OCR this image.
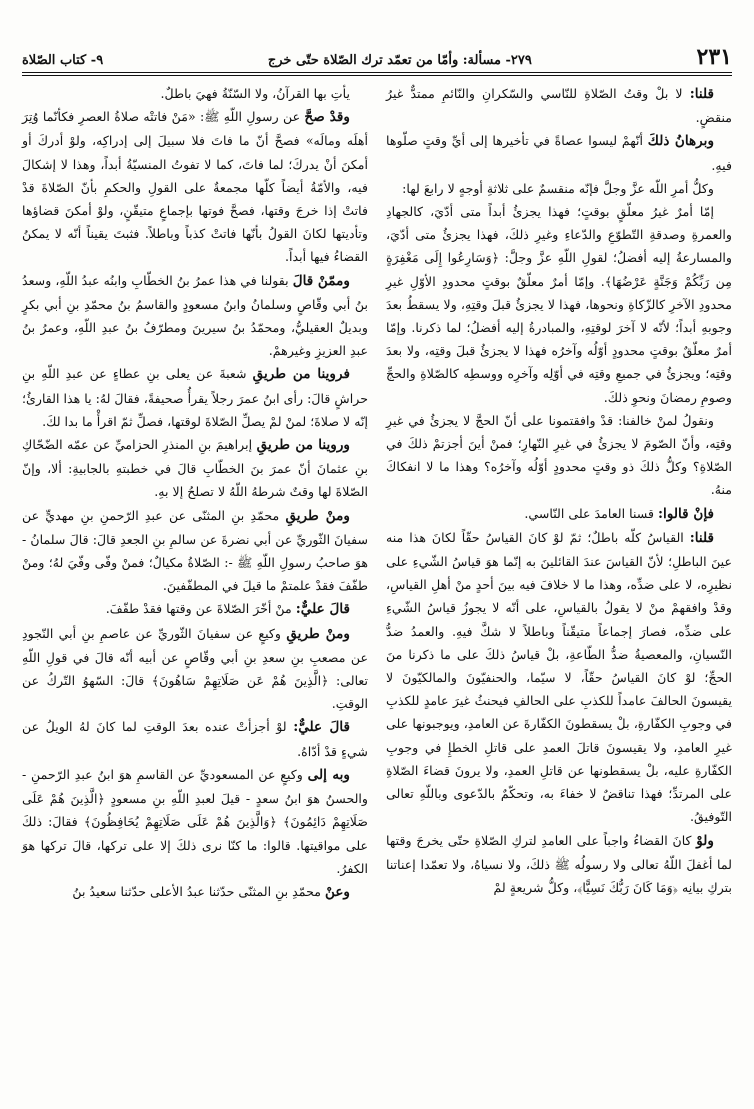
٢٣١
٢٧٩- مسألة: وأمّا من تعمّد ترك الصّلاة حتّى خرج
٩- كتاب الصّلاة

قلنا: لا بلْ وقتُ الصّلاةِ للنّاسي والسّكرانِ والنّائمِ ممتدٌّ غيرُ منقضٍ.

وبرهانُ ذلكَ أنّهمْ ليسوا عصاةً في تأخيرها إلى أيِّ وقتٍ صلّوها فيهِ.

وكلُّ أمرِ اللّه عزَّ وجلَّ فإنّه منقسمٌ على ثلاثةِ أوجهٍ لا رابعَ لها:

إمّا أمرٌ غيرُ معلّقٍ بوقتٍ؛ فهذا يجزئُ أبداً متى أدّيَ، كالجهادِ والعمرةِ وصدقةِ التّطوّعِ والدّعاءِ وغيرِ ذلكَ، فهذا يجزئُ متى أدّيَ، والمسارعةُ إليه أفضلُ؛ لقولِ اللّهِ عزَّ وجلَّ: ﴿وَسَارِعُوا إِلَى مَغْفِرَةٍ مِن رَبِّكُمْ وَجَنَّةٍ عَرْضُهَا﴾. وإمّا أمرٌ معلّقٌ بوقتٍ محدودِ الأوّلِ غيرِ محدودِ الآخرِ كالزّكاةِ ونحوها، فهذا لا يجزئُ قبلَ وقتِهِ، ولا يسقطُ بعدَ وجوبهِ أبداً؛ لأنّه لا آخرَ لوقتِهِ، والمبادرةُ إليه أفضلُ؛ لما ذكرنا. وإمّا أمرٌ معلّقٌ بوقتٍ محدودٍ أوّلُه وآخرُه فهذا لا يجزئُ قبلَ وقتِه، ولا بعدَ وقتِه؛ ويجزئُ في جميعِ وقتِه في أوّلِه وآخرِه ووسطِه كالصّلاةِ والحجِّ وصومِ رمضانَ ونحوِ ذلكَ.

ونقولُ لمنْ خالفنا: قدْ وافقتمونا على أنّ الحجَّ لا يجزئُ في غيرِ وقتِه، وأنّ الصّومَ لا يجزئُ في غيرِ النّهارِ؛ فمنْ أينَ أجزتمْ ذلكَ في الصّلاةِ؟ وكلُّ ذلكَ ذو وقتٍ محدودٍ أوّلُه وآخرُه؟ وهذا ما لا انفكاكَ منهُ.

فإنْ قالوا: قسنا العامدَ على النّاسي.

قلنا: القياسُ كلّه باطلٌ؛ ثمّ لوْ كانَ القياسُ حقّاً لكانَ هذا منه عينَ الباطلِ؛ لأنّ القياسَ عندَ القائلينَ به إنّما هوَ قياسُ الشّيءِ على نظيرِه، لا على ضدِّه، وهذا ما لا خلافَ فيه بينَ أحدٍ منْ أهلِ القياسِ، وقدْ وافقهمْ منْ لا يقولُ بالقياسِ، على أنّه لا يجوزُ قياسُ الشّيءِ على ضدِّه، فصارَ إجماعاً متيقّناً وباطلاً لا شكَّ فيهِ. والعمدُ ضدُّ النّسيانِ، والمعصيةُ ضدُّ الطّاعةِ، بلْ قياسُ ذلكَ على ما ذكرنا منَ الحجِّ؛ لوْ كانَ القياسُ حقّاً، لا سيّما، والحنفيّونَ والمالكيّونَ لا يقيسونَ الحالفَ عامداً للكذبِ على الحالفِ فيحنثُ غيرَ عامدٍ للكذبِ في وجوبِ الكفّارةِ، بلْ يسقطونَ الكفّارةَ عن العامدِ، ويوجبونها على غيرِ العامدِ، ولا يقيسونَ قاتلَ العمدِ على قاتلِ الخطإِ في وجوبِ الكفّارةِ عليه، بلْ يسقطونها عن قاتلِ العمدِ، ولا يرونَ قضاءَ الصّلاةِ على المرتدِّ؛ فهذا تناقضٌ لا خفاءَ به، وتحكّمٌ بالدّعوى وباللّهِ تعالى التّوفيقُ.

ولوْ كانَ القضاءُ واجباً على العامدِ لتركِ الصّلاةِ حتّى يخرجَ وقتها لما أغفلَ اللّهُ تعالى ولا رسولُه ﷺ ذلكَ، ولا نسياهُ، ولا تعمّدا إعناتنا بتركِ بيانِه ﴿وَمَا كَانَ رَبُّكَ نَسِيًّا﴾، وكلُّ شريعةٍ لمْ

يأتِ بها القرآنُ، ولا السّنّةُ فهيَ باطلٌ.

وقدْ صحَّ عن رسولِ اللّهِ ﷺ: «مَنْ فاتتْه صلاةُ العصرِ فكأنّما وُتِرَ أهلَه ومالَه» فصحَّ أنّ ما فاتَ فلا سبيلَ إلى إدراكِه، ولوْ أدركَ أو أمكنَ أنْ يدركَ؛ لما فاتَ، كما لا تفوتُ المنسيّةُ أبداً، وهذا لا إشكالَ فيه، والأمّةُ أيضاً كلّها مجمعةٌ على القولِ والحكمِ بأنّ الصّلاةَ قدْ فاتتْ إذا خرجَ وقتها، فصحَّ فوتها بإجماعٍ متيقّنٍ، ولوْ أمكنَ قضاؤها وتأديتها لكانَ القولُ بأنّها فاتتْ كذباً وباطلاً. فثبتَ يقيناً أنّه لا يمكنُ القضاءُ فيها أبداً.

وممّنْ قالَ بقولنا في هذا عمرُ بنُ الخطّابِ وابنُه عبدُ اللّهِ، وسعدُ بنُ أبي وقّاصٍ وسلمانُ وابنُ مسعودٍ والقاسمُ بنُ محمّدِ بنِ أبي بكرٍ وبديلٌ العقيليُّ، ومحمّدُ بنُ سيرينَ ومطرّفُ بنُ عبدِ اللّهِ، وعمرُ بنُ عبدِ العزيزِ وغيرهمْ.

فروينا من طريقِ شعبةَ عن يعلى بنِ عطاءٍ عن عبدِ اللّهِ بنِ حراشٍ قالَ: رأى ابنُ عمرَ رجلاً يقرأُ صحيفةً، فقالَ لهُ: يا هذا القارئُ؛ إنّه لا صلاةَ؛ لمنْ لمْ يصلِّ الصّلاةَ لوقتها، فصلِّ ثمّ اقرأْ ما بدا لكَ.

وروينا من طريقِ إبراهيمَ بنِ المنذرِ الحزاميِّ عن عمّه الضّحّاكِ بنِ عثمانَ أنّ عمرَ بنَ الخطّابِ قالَ في خطبتهِ بالجابيةِ: ألا، وإنّ الصّلاةَ لها وقتٌ شرطهُ اللّهُ لا تصلحُ إلا بهِ.

ومنْ طريقِ محمّدِ بنِ المثنّى عن عبدِ الرّحمنِ بنِ مهديٍّ عن سفيانَ الثّوريِّ عن أبي نضرةَ عن سالمِ بنِ الجعدِ قالَ: قالَ سلمانُ - هوَ صاحبُ رسولِ اللّهِ ﷺ -: الصّلاةُ مكيالٌ؛ فمنْ وفّى وفّيَ لهُ؛ ومنْ طفّفَ فقدْ علمتمْ ما قيلَ في المطفّفينَ.

قالَ عليٌّ: منْ أخّرَ الصّلاةَ عن وقتها فقدْ طفّفَ.

ومنْ طريقِ وكيعٍ عن سفيانَ الثّوريِّ عن عاصمِ بنِ أبي النّجودِ عن مصعبِ بنِ سعدِ بنِ أبي وقّاصٍ عن أبيه أنّه قالَ في قولِ اللّهِ تعالى: ﴿الَّذِينَ هُمْ عَن صَلَاتِهِمْ سَاهُونَ﴾ قالَ: السّهوُ التّركُ عن الوقتِ.

قالَ عليٌّ: لوْ أجزأتْ عنده بعدَ الوقتِ لما كانَ لهُ الويلُ عن شيءٍ قدْ أدّاهُ.

وبه إلى وكيعٍ عن المسعوديِّ عن القاسمِ هوَ ابنُ عبدِ الرّحمنِ - والحسنُ هوَ ابنُ سعدٍ - قيلَ لعبدِ اللّهِ بنِ مسعودٍ ﴿الَّذِينَ هُمْ عَلَى صَلَاتِهِمْ دَائِمُونَ﴾ ﴿وَالَّذِينَ هُمْ عَلَى صَلَاتِهِمْ يُحَافِظُونَ﴾ فقالَ: ذلكَ على مواقيتها. قالوا: ما كنّا نرى ذلكَ إلا على تركها، قالَ تركها هوَ الكفرُ.

وعنْ محمّدِ بنِ المثنّى حدّثنا عبدُ الأعلى حدّثنا سعيدُ بنُ
